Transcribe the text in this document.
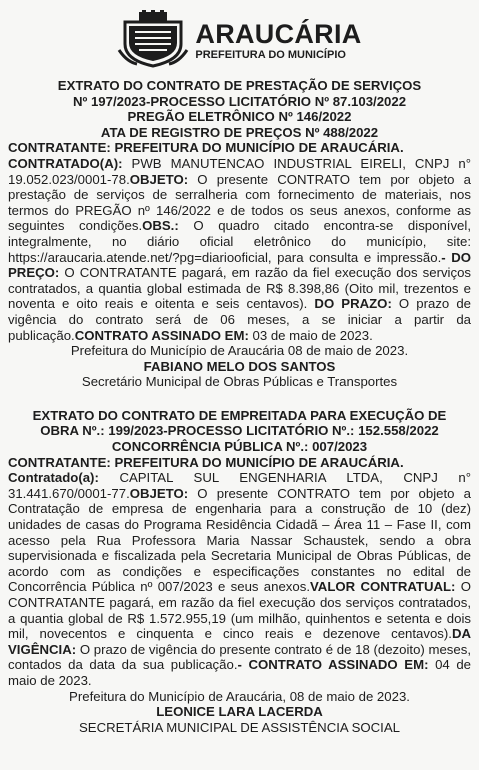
ARAUCÁRIA
PREFEITURA DO MUNICÍPIO
EXTRATO DO CONTRATO DE PRESTAÇÃO DE SERVIÇOS
Nº 197/2023-PROCESSO LICITATÓRIO Nº 87.103/2022
PREGÃO ELETRÔNICO Nº 146/2022
ATA DE REGISTRO DE PREÇOS Nº 488/2022
CONTRATANTE: PREFEITURA DO MUNICÍPIO DE ARAUCÁRIA.
CONTRATADO(A): PWB MANUTENCAO INDUSTRIAL EIRELI, CNPJ n° 19.052.023/0001-78.OBJETO: O presente CONTRATO tem por objeto a prestação de serviços de serralheria com fornecimento de materiais, nos termos do PREGÃO nº 146/2022 e de todos os seus anexos, conforme as seguintes condições.OBS.: O quadro citado encontra-se disponível, integralmente, no diário oficial eletrônico do município, site: https://araucaria.atende.net/?pg=diariooficial, para consulta e impressão.- DO PREÇO: O CONTRATANTE pagará, em razão da fiel execução dos serviços contratados, a quantia global estimada de R$ 8.398,86 (Oito mil, trezentos e noventa e oito reais e oitenta e seis centavos). DO PRAZO: O prazo de vigência do contrato será de 06 meses, a se iniciar a partir da publicação.CONTRATO ASSINADO EM: 03 de maio de 2023.
Prefeitura do Município de Araucária 08 de maio de 2023.
FABIANO MELO DOS SANTOS
Secretário Municipal de Obras Públicas e Transportes
EXTRATO DO CONTRATO DE EMPREITADA PARA EXECUÇÃO DE
OBRA Nº.: 199/2023-PROCESSO LICITATÓRIO Nº.: 152.558/2022
CONCORRÊNCIA PÚBLICA Nº.: 007/2023
CONTRATANTE: PREFEITURA DO MUNICÍPIO DE ARAUCÁRIA.
Contratado(a): CAPITAL SUL ENGENHARIA LTDA, CNPJ n° 31.441.670/0001-77.OBJETO: O presente CONTRATO tem por objeto a Contratação de empresa de engenharia para a construção de 10 (dez) unidades de casas do Programa Residência Cidadã – Área 11 – Fase II, com acesso pela Rua Professora Maria Nassar Schaustek, sendo a obra supervisionada e fiscalizada pela Secretaria Municipal de Obras Públicas, de acordo com as condições e especificações constantes no edital de Concorrência Pública nº 007/2023 e seus anexos.VALOR CONTRATUAL: O CONTRATANTE pagará, em razão da fiel execução dos serviços contratados, a quantia global de R$ 1.572.955,19 (um milhão, quinhentos e setenta e dois mil, novecentos e cinquenta e cinco reais e dezenove centavos).DA VIGÊNCIA: O prazo de vigência do presente contrato é de 18 (dezoito) meses, contados da data da sua publicação.- CONTRATO ASSINADO EM: 04 de maio de 2023.
Prefeitura do Município de Araucária, 08 de maio de 2023.
LEONICE LARA LACERDA
SECRETÁRIA MUNICIPAL DE ASSISTÊNCIA SOCIAL
